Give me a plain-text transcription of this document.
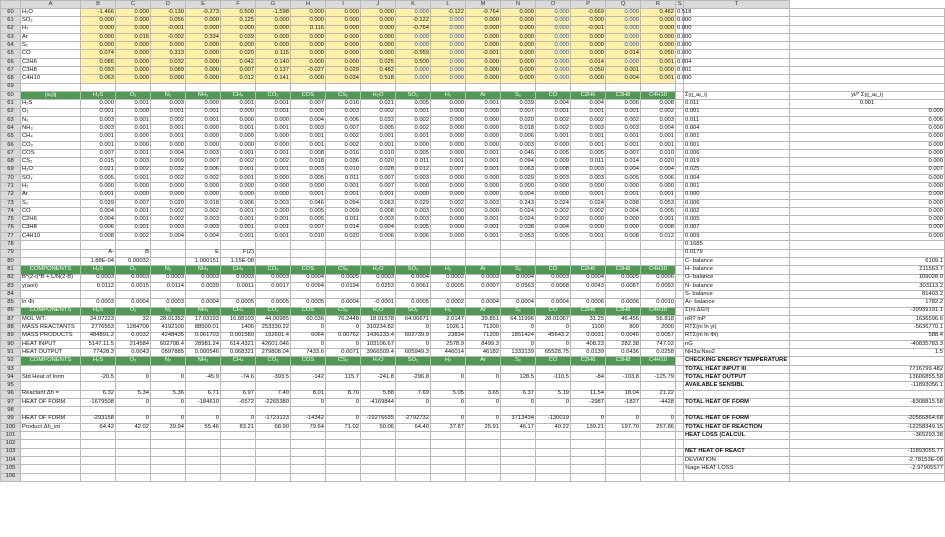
	A	B	C	D	E	F	G	H	I	J	K	L	M	N	O	P	Q	R	S	T	
60	H₂O	-1.466	0.000	-0.130	-0.273	0.500	-1.598	0.000	0.000	0.000	0.000	-0.122	-0.764	0.000	0.000	-0.669	0.000	0.482	0.518		
61	SO₂	0.000	0.000	0.056	0.000	0.125	0.000	0.000	0.000	0.000	-0.122	0.000	0.000	0.000	0.000	0.000	0.000	0.000	0.000		
62	H₂	0.000	0.000	-0.001	0.000	0.000	0.000	0.116	0.000	0.000	-0.764	0.000	0.000	0.000	0.000	-0.001	0.000	0.000	0.000		
63	Ar	0.000	0.016	-0.002	0.334	0.039	0.000	0.000	0.000	0.000	0.000	0.000	0.000	0.000	0.000	0.000	0.000	0.000	0.000		
64	S₂	0.000	0.000	0.000	0.000	0.000	0.000	0.000	0.000	0.000	0.000	0.000	0.000	0.000	0.000	0.000	0.000	0.000	0.000		
65	CO	0.074	0.000	0.313	0.000	0.020	0.115	0.000	0.000	0.000	-0.559	0.000	-0.001	0.000	0.000	0.000	0.014	0.050	0.000		
66	C2H6	0.086	0.000	0.032	0.000	0.042	0.140	0.000	0.000	0.025	0.500	0.000	0.000	0.000	0.000	0.014	0.000	0.001	0.004		
67	C3H8	0.093	0.000	0.089	0.000	0.007	0.137	-0.027	0.029	0.482	0.000	0.000	0.000	0.000	0.000	0.050	0.001	0.000	0.001		
68	C4H10	0.063	0.000	0.090	0.000	0.012	0.141	0.000	0.034	0.518	0.000	0.000	0.000	0.000	0.000	0.000	0.004	0.001	0.000		
69																					
60	(aᵢᵢ)ij	H₂S	O₂	N₂	NH₃	CH₄	CO₂	COS	CS₂	H₂O	SO₂	H₂	Ar	S₂	CO	C2H6	C3H8	C4H10		Σyj_aᵢᵢ_ij	yi/* Σyj_aᵢᵢ_ij
61	H₂S	0.000	0.001	0.003	0.000	0.001	0.001	0.007	0.016	0.021	0.005	0.000	0.001	0.039	0.004	0.004	0.006	0.008		0.011	0.001
62	O₂	0.001	0.000	0.001	0.001	0.000	0.001	0.000	0.003	0.002	0.001	0.000	0.000	0.007	0.001	0.001	0.001	0.002		0.001	0.000
63	N₂	0.003	0.001	0.002	0.001	0.000	0.000	0.004	0.006	0.032	0.002	0.000	0.000	0.020	0.002	0.002	0.002	0.003		0.011	0.006
64	NH₃	0.003	0.001	0.001	0.000	0.001	0.001	0.003	0.007	0.005	0.002	0.000	0.000	0.018	0.002	0.003	0.003	0.004		0.004	0.000
65	CH₄	0.001	0.000	0.001	0.000	0.000	0.000	0.001	0.002	0.001	0.001	0.000	0.000	0.006	0.001	0.001	0.001	0.001		0.001	0.000
66	CO₂	0.001	0.000	0.000	0.000	0.000	0.000	0.001	0.002	0.001	0.000	0.000	0.000	0.003	0.000	0.001	0.001	0.001		0.001	0.000
67	COS	0.007	0.001	0.004	0.003	0.001	0.001	0.008	0.016	0.010	0.005	0.000	0.001	0.046	0.005	0.005	0.007	0.010		0.006	0.000
68	CS₂	0.015	0.003	0.009	0.007	0.002	0.002	0.018	0.036	0.020	0.011	0.001	0.001	0.094	0.009	0.011	0.014	0.020		0.019	0.000
69	H₂O	0.021	0.002	0.032	0.006	0.001	0.001	0.003	0.010	0.028	0.012	0.007	0.001	0.063	0.008	0.003	0.004	0.004		0.025	0.007
70	SO₂	0.005	0.001	0.002	0.002	0.001	0.000	0.005	0.011	0.007	0.003	0.000	0.000	0.029	0.003	0.003	0.005	0.006		0.004	0.000
71	H₂	0.000	0.000	0.000	0.000	0.000	0.000	0.000	0.001	0.007	0.000	0.000	0.000	0.000	0.000	0.000	0.000	0.000		0.001	0.000
72	Ar	0.001	0.000	0.000	0.000	0.000	0.000	0.001	0.001	0.001	0.000	0.000	0.000	0.004	0.000	0.001	0.001	0.001		0.000	0.000
73	S₂	0.039	0.007	0.020	0.018	0.006	0.003	0.046	0.094	0.063	0.029	0.002	0.003	0.243	0.024	0.024	0.038	0.053		0.006	0.000
74	CO	0.004	0.001	0.002	0.002	0.001	0.000	0.005	0.009	0.008	0.003	0.000	0.000	0.024	0.002	0.002	0.004	0.005		0.002	0.000
75	C2H6	0.004	0.001	0.002	0.003	0.001	0.001	0.005	0.011	0.003	0.003	0.000	0.001	0.024	0.002	0.000	0.000	0.001		0.005	0.000
76	C3H8	0.006	0.001	0.003	0.003	0.001	0.001	0.007	0.014	0.004	0.005	0.000	0.001	0.038	0.004	0.000	0.000	0.008		0.007	0.000
77	C4H10	0.008	0.002	0.004	0.004	0.001	0.001	0.010	0.020	0.006	0.006	0.000	0.001	0.053	0.005	0.001	0.008	0.012		0.009	0.000
78																				0.1685	
79		A-	B		E	F(Z)														0.0179	
80		1.88E-04	0.00032		1.000151	1.15E-08														C- balance	6109.1
81	COMPONENTS	H₂S	O₂	N₂	NH₃	CH₄	CO₂	COS	CS₂	H₂O	SO₂	H₂	Ar	S₂	CO	C2H6	C3H8	C4H10		H- balance	211563.7
82	B*(2-i)*B + L/N(2-B)	0.0003	0.0003	0.0003	0.0003	0.0003	0.0003	0.0004	0.0005	0.0003	0.0004	0.0002	0.0003	0.0004	0.0003	0.0004	0.0005	0.0006		O- balance	109028.0
83	y(aoii)	0.0112	0.0015	0.0114	0.0039	0.0011	0.0017	0.0094	0.0194	0.0253	0.0061	0.0005	0.0007	0.0563	0.0068	0.0043	0.0087	0.0093		N- balance	303113.2
84																				S- balance	81403.2
85	ln Φi	0.0003	0.0004	0.0003	0.0004	0.0005	0.0005	0.0005	0.0004	-0.0001	0.0005	0.0002	0.0004	0.0004	0.0004	0.0006	0.0006	0.0010		Ar- balance	1782.2
86	COMPONENTS	H₂S	O₂	N₂	NH₃	CH₄	CO₂	COS	CS₂	H₂O	SO₂	H₂	Ar	S₂	CO	C2H6	C3H8	C4H10		Σ(ni.ΔGᶠi)	-39939191.1
87	MOL WT.	34.07223	32	28.01352	17.03193	16.88103	44.00985	60.036	76.2448	18.01578	64.06671	2.0147	39.851	64.11996	28.01067	31.25	46.456	56.818		nRT lnP	1636596.6
88	MASS REACTANTS	2776553	1284700	4192100	88500.01	1406	253330.22	0	0	310234.82	0	1026.1	71200	0	0	1100	800	2000		RTΣ(ni ln yi)	-5636770.1
89	MASS PRODUCTS	484891.2	0.0032	4248435	0.061703	0.001580	192601.4	6064	0.00762	1436233.4	602739.9	23834	71200	1851424	45643.2	0.0031	0.0046	0.0057		RTΣ(ni ln Φi)	588.4
90	HEAT INPUT	5147.11.5	214584	602708.4	28981.24	614.4321	42601.046	0	0	103106.67	0	2578.9	8499.3	0	0	408.23	282.38	747.02		nG	-40835783.3
91	HEAT OUTPUT	77428.3	0.0043	0597885	0.000546	0.068321	279808.04	7433.6	0.0071	3966509.4	605949.3	446014	46182	1333139	65528.75	0.0139	0.0436	0.0258		NH3a:Nso2	1.5
92	COMPONENTS	H₂S	O₂	N₂	NH₃	CH₄	CO₂	COS	CS₂	H₂O	SO₂	H₂	Ar	S₂	CO	C2H6	C3H8	C4H10		CHECKING ENERGY TEMPERATURE	
93																				TOTAL HEAT INPUT III	7716799.482
94	Std Heat of form	-20.5	0	0	-45.9	-74.6	-393.5	-142	115.7	-241.8	-296.8	0	0	128.5	-110.5	-84	-103.8	-125.79		TOTAL HEAT OUTPUT	13606855.58
95																				AVAILABLE SENSIBL	-11893056.1
96	Reactant Δh =	6.32	5.34	5.36	6.71	6.97	7.40	8.01	8.70	5.88	7.69	5.05	3.65	6.37	5.19	11.54	18.04	21.22			
97	HEAT OF FORM	-1679508	0	0	-184610	-6572	-2265380	0	0	-4169844	0	0	0	0	0	-2987	-1827	-4428		TOTAL HEAT OF FORM	-8308815.58
98																					
99	HEAT OF FORM	-293158	0	0	0	0	-1723123	-14342	0	-19276635	-2792732	0	0	3713434	-130019	0	0	0		TOTAL HEAT OF FORM	-20566864.68
100	Product Δh_int	64.42	42.02	39.94	55.46	83.21	68.90	79.64	71.02	50.06	64.40	37.87	25.91	46.17	40.22	139.21	197.70	257.86		TOTAL HEAT OF REACTION	-12258349.15
101																				HEAT LOSS (CALCUL	-365293.38
102																					
103																				NET HEAT OF REACT	-11893055.77
104																				DEVIATION	-2.78153E-08
105																				%age HEAT LOSS	-2.97905577
106																					
